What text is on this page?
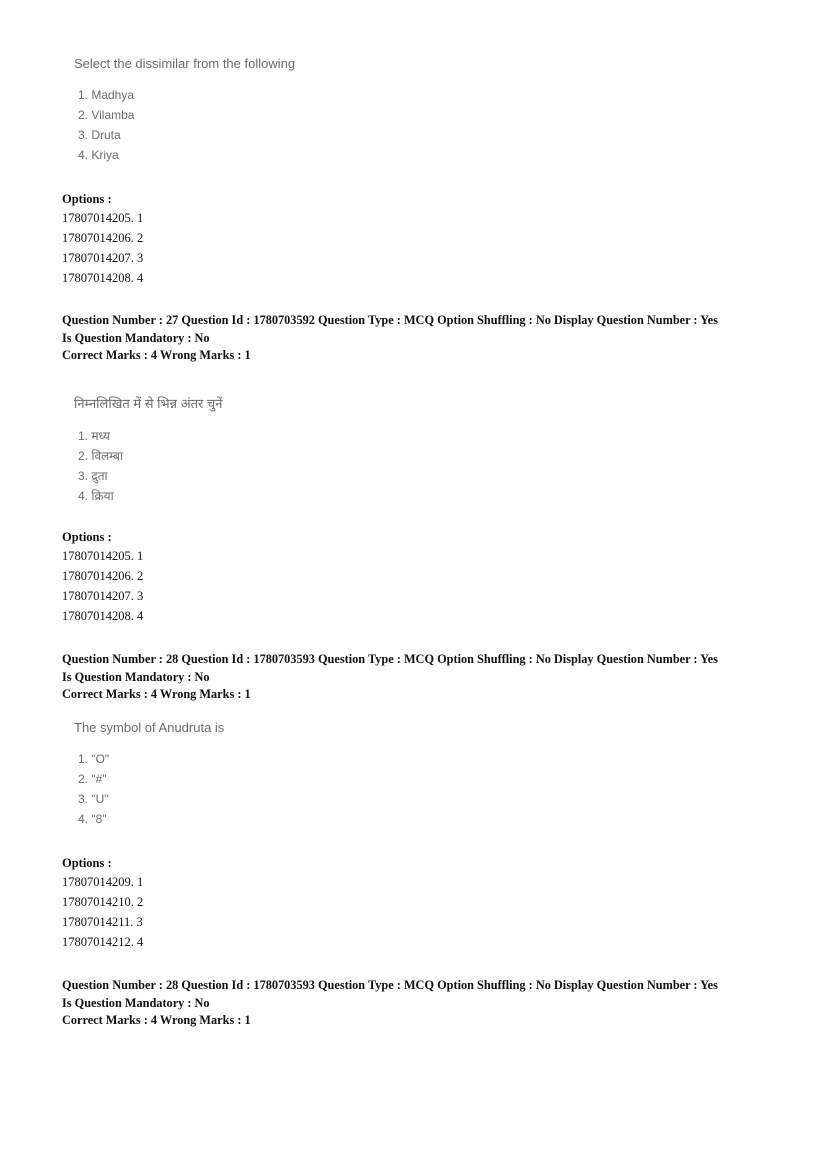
Select the dissimilar from the following
1. Madhya
2. Vilamba
3. Druta
4. Kriya
Options :
17807014205. 1
17807014206. 2
17807014207. 3
17807014208. 4
Question Number : 27 Question Id : 1780703592 Question Type : MCQ Option Shuffling : No Display Question Number : Yes
Is Question Mandatory : No
Correct Marks : 4 Wrong Marks : 1
निम्नलिखित में से भिन्न अंतर चुनें
1. मध्य
2. विलम्बा
3. द्रुता
4. क्रिया
Options :
17807014205. 1
17807014206. 2
17807014207. 3
17807014208. 4
Question Number : 28 Question Id : 1780703593 Question Type : MCQ Option Shuffling : No Display Question Number : Yes
Is Question Mandatory : No
Correct Marks : 4 Wrong Marks : 1
The symbol of Anudruta is
1. "O"
2. "#"
3. "U"
4. "8"
Options :
17807014209. 1
17807014210. 2
17807014211. 3
17807014212. 4
Question Number : 28 Question Id : 1780703593 Question Type : MCQ Option Shuffling : No Display Question Number : Yes
Is Question Mandatory : No
Correct Marks : 4 Wrong Marks : 1
